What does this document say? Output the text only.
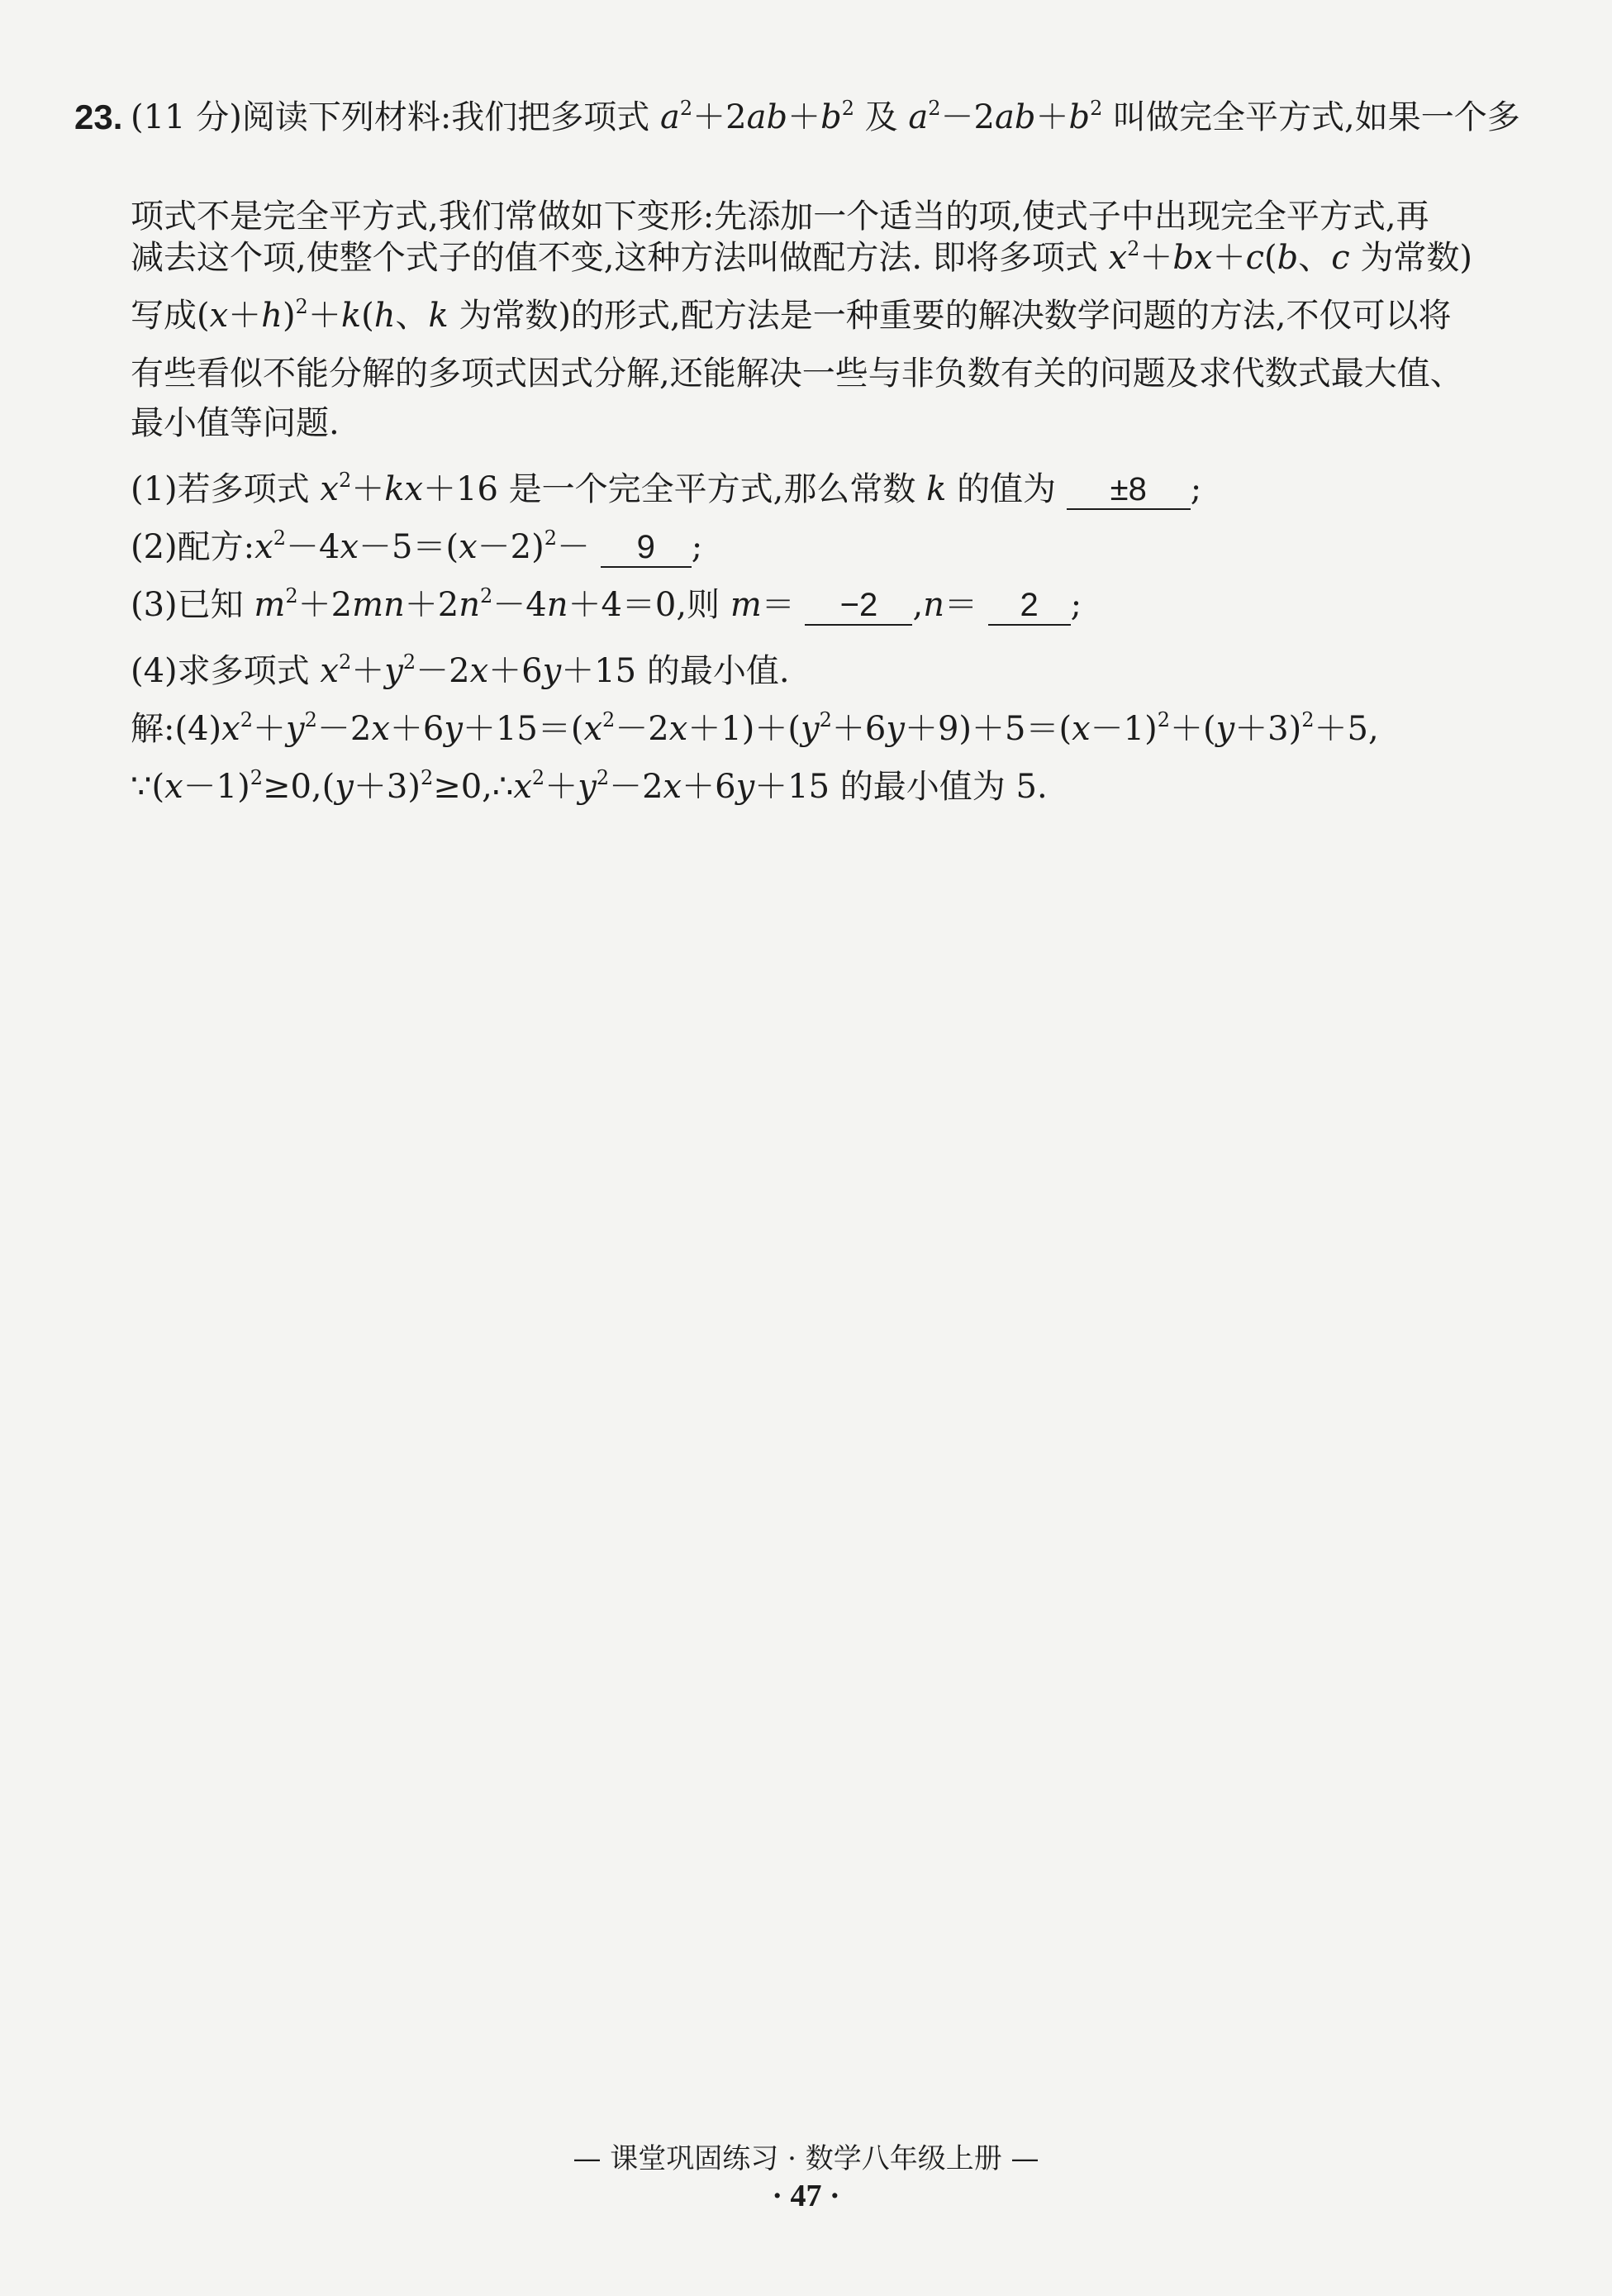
23. (11 分)阅读下列材料:我们把多项式 $a^2+2ab+b^2$ 及 $a^2-2ab+b^2$ 叫做完全平方式,如果一个多
项式不是完全平方式,我们常做如下变形:先添加一个适当的项,使式子中出现完全平方式,再
减去这个项,使整个式子的值不变,这种方法叫做配方法. 即将多项式 $x^2+bx+c(b$、c 为常数)
写成$(x+h)^2+k(h$、k 为常数)的形式,配方法是一种重要的解决数学问题的方法,不仅可以将
有些看似不能分解的多项式因式分解,还能解决一些与非负数有关的问题及求代数式最大值、
最小值等问题.
(1)若多项式 $x^2+kx+16$ 是一个完全平方式,那么常数 k 的值为 ±8 ;
(2)配方$:x^2-4x-5=(x-2)^2- 9$ ;
(3)已知 $m^2+2mn+2n^2-4n+4=0$,则 m＝ −2 ,n＝ 2 ;
(4)求多项式 $x^2+y^2-2x+6y+15$ 的最小值.
解$:(4)x^2+y^2-2x+6y+15=(x^2-2x+1)+(y^2+6y+9)+5=(x-1)^2+(y+3)^2+5$,
$\because(x-1)^2\ge 0,(y+3)^2\ge 0,\therefore x^2+y^2-2x+6y+15$ 的最小值为 5.
— 课堂巩固练习 · 数学八年级上册 —
· 47 ·
